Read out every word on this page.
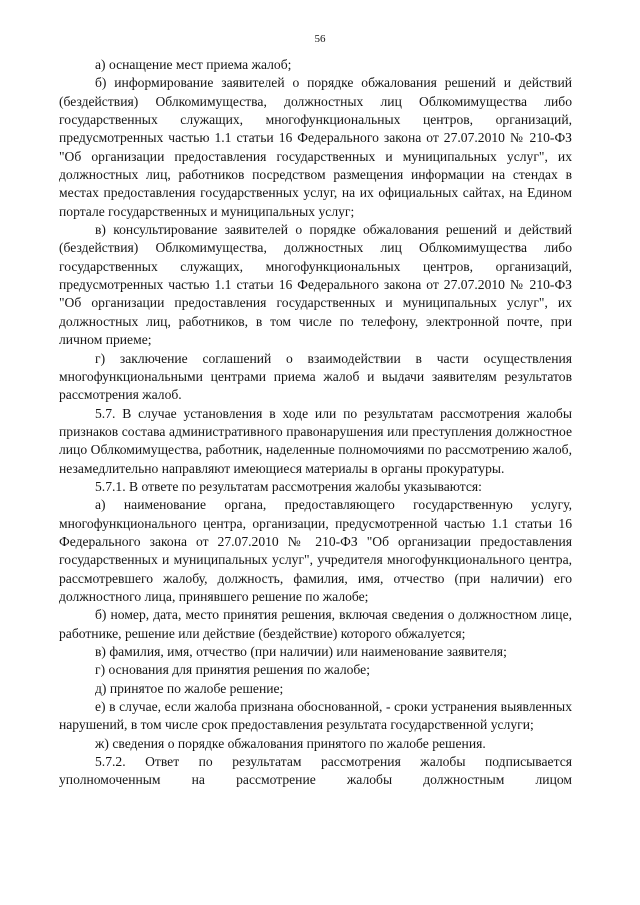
56

а) оснащение мест приема жалоб;

б) информирование заявителей о порядке обжалования решений и действий (бездействия) Облкомимущества, должностных лиц Облкомимущества либо государственных служащих, многофункциональных центров, организаций, предусмотренных частью 1.1 статьи 16 Федерального закона от 27.07.2010 № 210-ФЗ "Об организации предоставления государственных и муниципальных услуг", их должностных лиц, работников посредством размещения информации на стендах в местах предоставления государственных услуг, на их официальных сайтах, на Едином портале государственных и муниципальных услуг;

в) консультирование заявителей о порядке обжалования решений и действий (бездействия) Облкомимущества, должностных лиц Облкомимущества либо государственных служащих, многофункциональных центров, организаций, предусмотренных частью 1.1 статьи 16 Федерального закона от 27.07.2010 № 210-ФЗ "Об организации предоставления государственных и муниципальных услуг", их должностных лиц, работников, в том числе по телефону, электронной почте, при личном приеме;

г) заключение соглашений о взаимодействии в части осуществления многофункциональными центрами приема жалоб и выдачи заявителям результатов рассмотрения жалоб.

5.7. В случае установления в ходе или по результатам рассмотрения жалобы признаков состава административного правонарушения или преступления должностное лицо Облкомимущества, работник, наделенные полномочиями по рассмотрению жалоб, незамедлительно направляют имеющиеся материалы в органы прокуратуры.

5.7.1. В ответе по результатам рассмотрения жалобы указываются:

а) наименование органа, предоставляющего государственную услугу, многофункционального центра, организации, предусмотренной частью 1.1 статьи 16 Федерального закона от 27.07.2010 № 210-ФЗ "Об организации предоставления государственных и муниципальных услуг", учредителя многофункционального центра, рассмотревшего жалобу, должность, фамилия, имя, отчество (при наличии) его должностного лица, принявшего решение по жалобе;

б) номер, дата, место принятия решения, включая сведения о должностном лице, работнике, решение или действие (бездействие) которого обжалуется;

в) фамилия, имя, отчество (при наличии) или наименование заявителя;

г) основания для принятия решения по жалобе;

д) принятое по жалобе решение;

е) в случае, если жалоба признана обоснованной, - сроки устранения выявленных нарушений, в том числе срок предоставления результата государственной услуги;

ж) сведения о порядке обжалования принятого по жалобе решения.

5.7.2. Ответ по результатам рассмотрения жалобы подписывается уполномоченным на рассмотрение жалобы должностным лицом
